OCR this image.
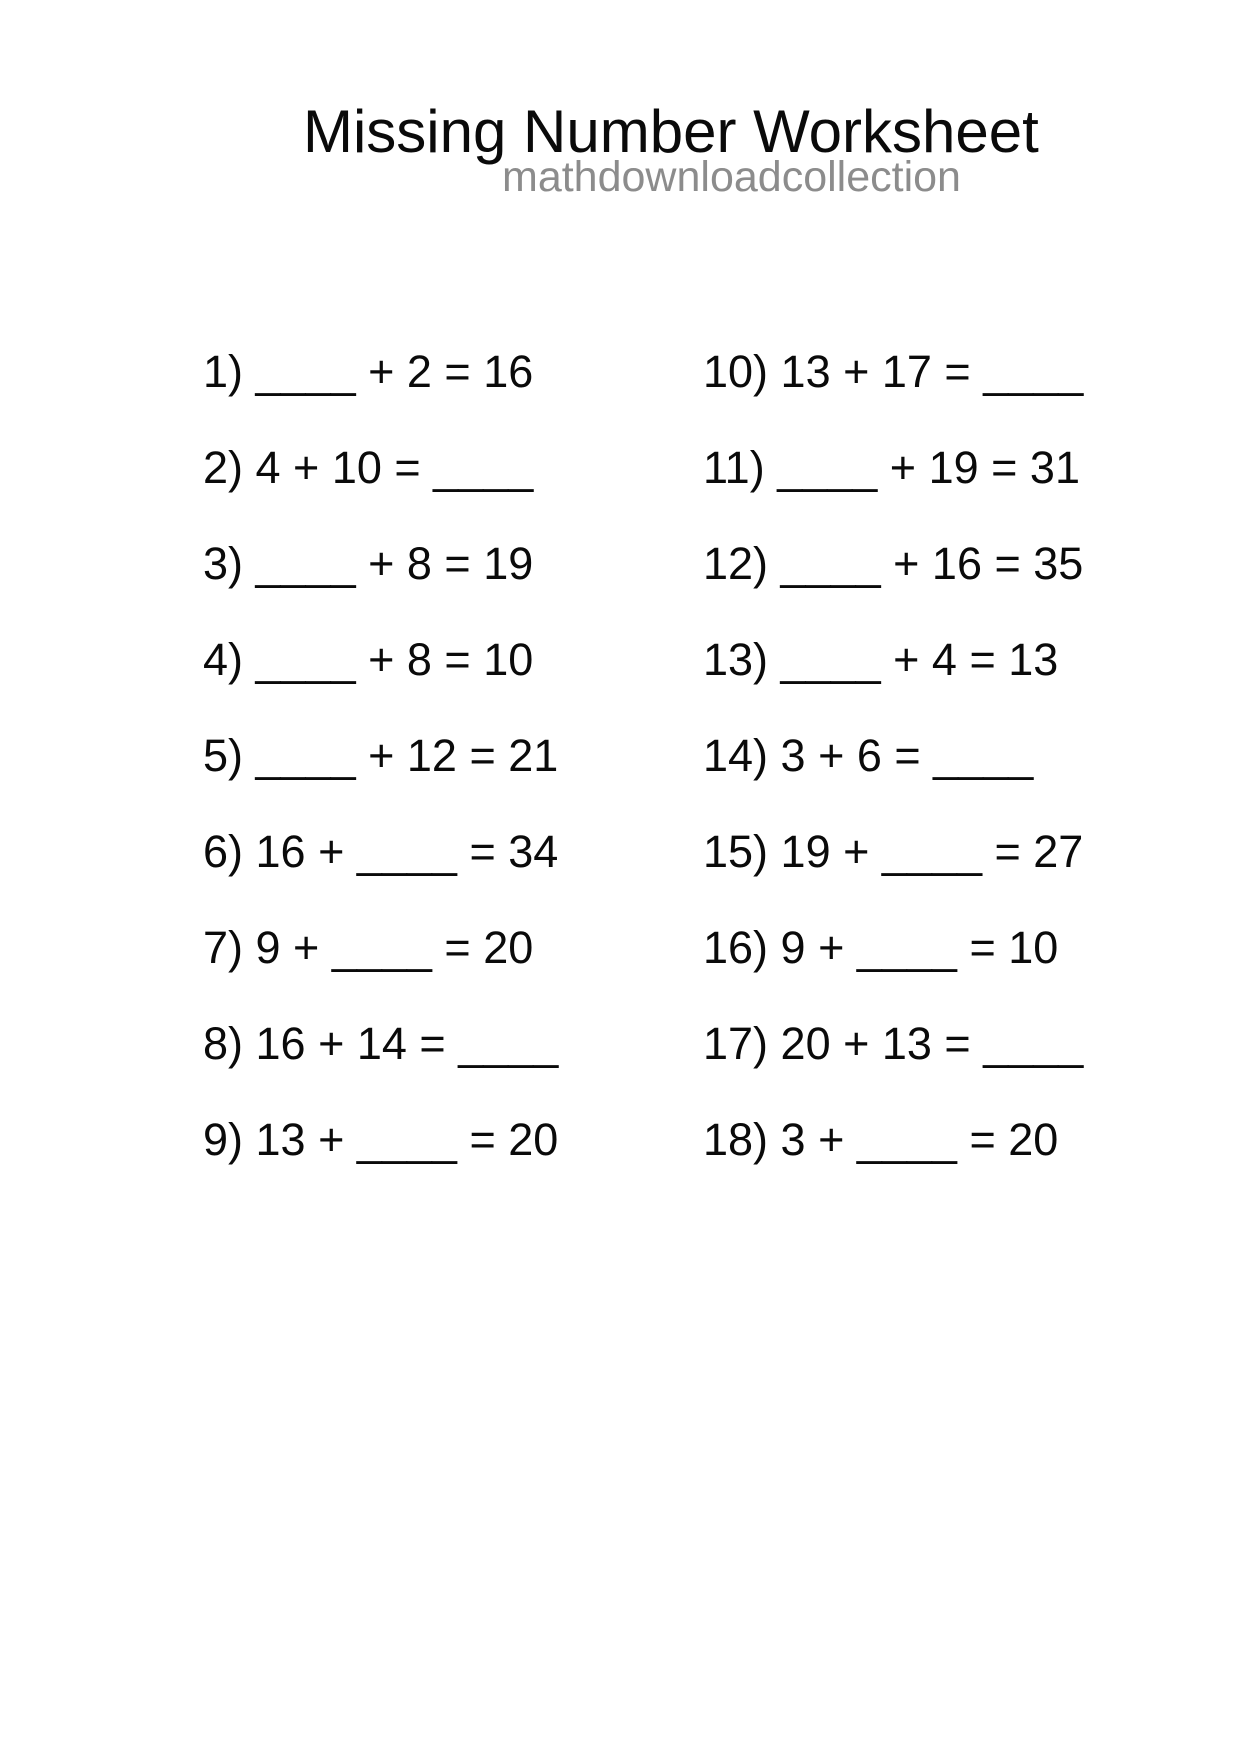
Missing Number Worksheet
mathdownloadcollection
1) ____ + 2 = 16
2) 4 + 10 = ____
3) ____ + 8 = 19
4) ____ + 8 = 10
5) ____ + 12 = 21
6) 16 + ____ = 34
7) 9 + ____ = 20
8) 16 + 14 = ____
9) 13 + ____ = 20
10) 13 + 17 = ____
11) ____ + 19 = 31
12) ____ + 16 = 35
13) ____ + 4 = 13
14) 3 + 6 = ____
15) 19 + ____ = 27
16) 9 + ____ = 10
17) 20 + 13 = ____
18) 3 + ____ = 20
